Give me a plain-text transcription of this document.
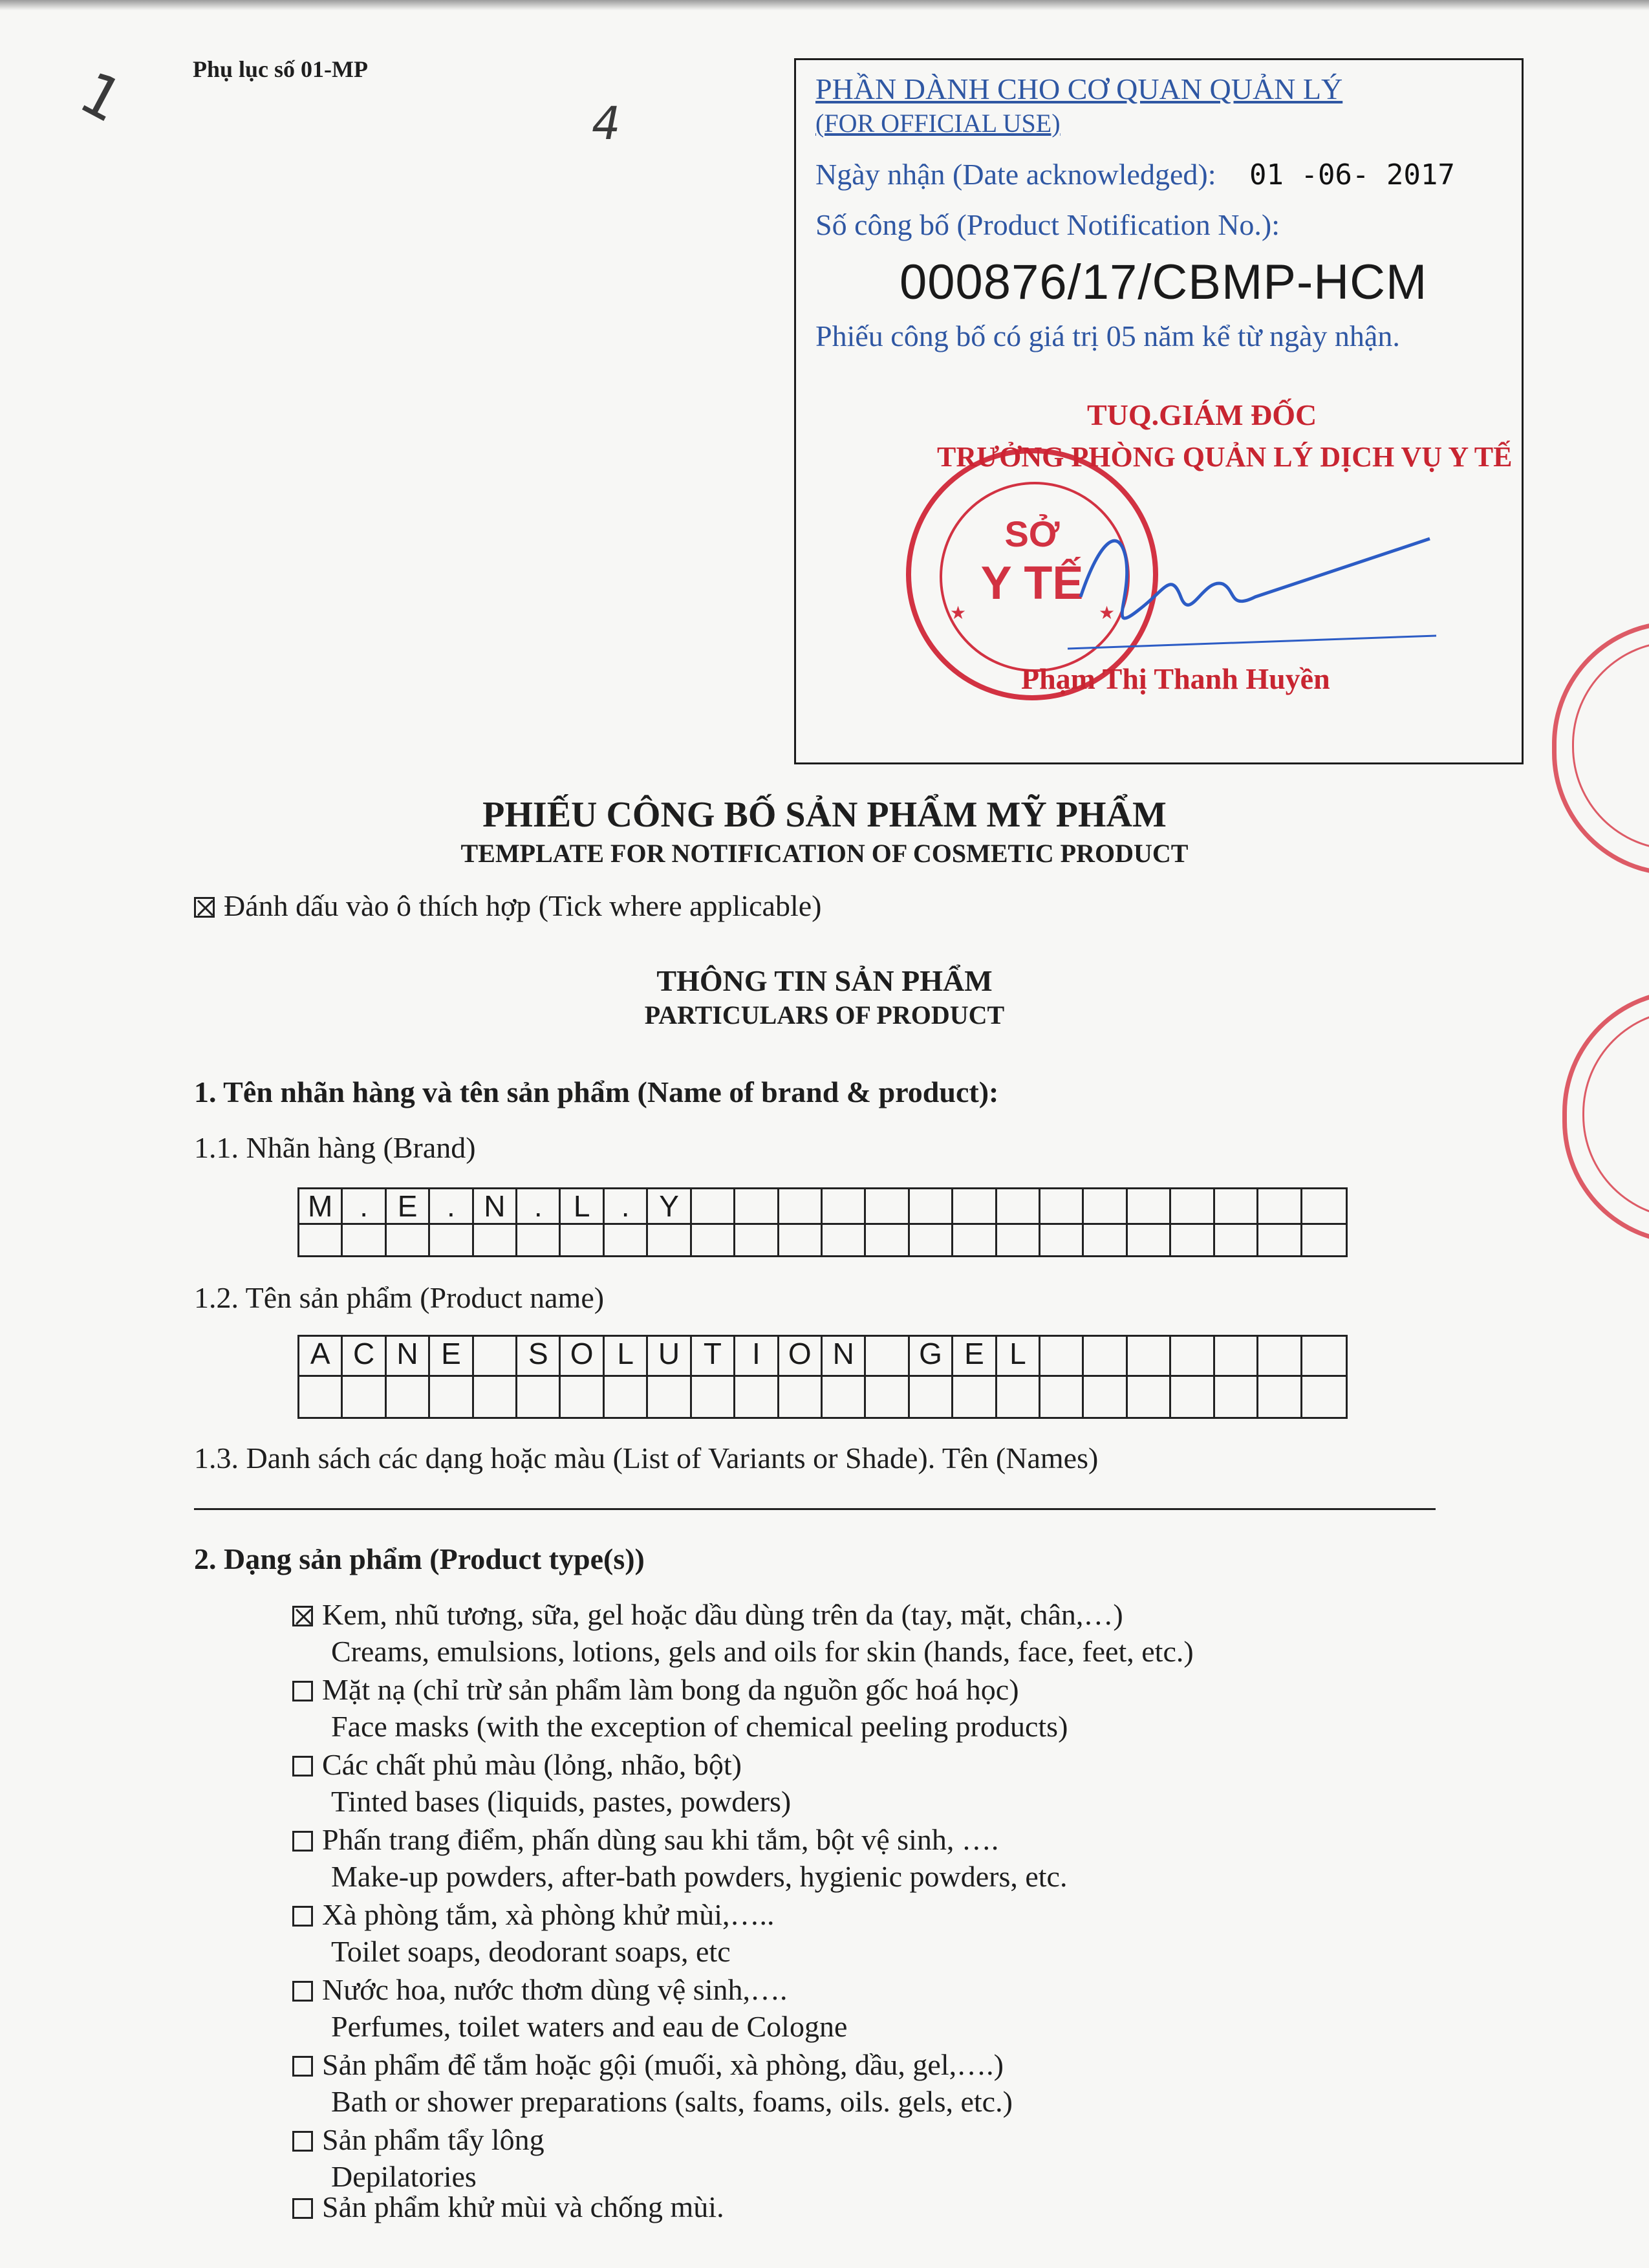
1	4
Phụ lục số 01-MP
PHẦN DÀNH CHO CƠ QUAN QUẢN LÝ
(FOR OFFICIAL USE)
Ngày nhận (Date acknowledged): 01 -06- 2017
Số công bố (Product Notification No.):
000876/17/CBMP-HCM
Phiếu công bố có giá trị 05 năm kể từ ngày nhận.
TUQ.GIÁM ĐỐC
TRƯỞNG PHÒNG QUẢN LÝ DỊCH VỤ Y TẾ
★	★
SỞ
Y TẾ
Phạm Thị Thanh Huyền
PHIẾU CÔNG BỐ SẢN PHẨM MỸ PHẨM
TEMPLATE FOR NOTIFICATION OF COSMETIC PRODUCT
Đánh dấu vào ô thích hợp (Tick where applicable)
THÔNG TIN SẢN PHẨM
PARTICULARS OF PRODUCT
1. Tên nhãn hàng và tên sản phẩm (Name of brand & product):
1.1. Nhãn hàng (Brand)
M . E . N .	L	. Y
1.2. Tên sản phẩm (Product name)
A C N E	S O L U T	I O N	G E L
1.3. Danh sách các dạng hoặc màu (List of Variants or Shade). Tên (Names)
2. Dạng sản phẩm (Product type(s))
Kem, nhũ tương, sữa, gel hoặc dầu dùng trên da (tay, mặt, chân,…)
Creams, emulsions, lotions, gels and oils for skin (hands, face, feet, etc.)
Mặt nạ (chỉ trừ sản phẩm làm bong da nguồn gốc hoá học)
Face masks (with the exception of chemical peeling products)
Các chất phủ màu (lỏng, nhão, bột)
Tinted bases (liquids, pastes, powders)
Phấn trang điểm, phấn dùng sau khi tắm, bột vệ sinh, ….
Make-up powders, after-bath powders, hygienic powders, etc.
Xà phòng tắm, xà phòng khử mùi,…..
Toilet soaps, deodorant soaps, etc
Nước hoa, nước thơm dùng vệ sinh,….
Perfumes, toilet waters and eau de Cologne
Sản phẩm để tắm hoặc gội (muối, xà phòng, dầu, gel,….)
Bath or shower preparations (salts, foams, oils. gels, etc.)
Sản phẩm tẩy lông
Depilatories
Sản phẩm khử mùi và chống mùi.
